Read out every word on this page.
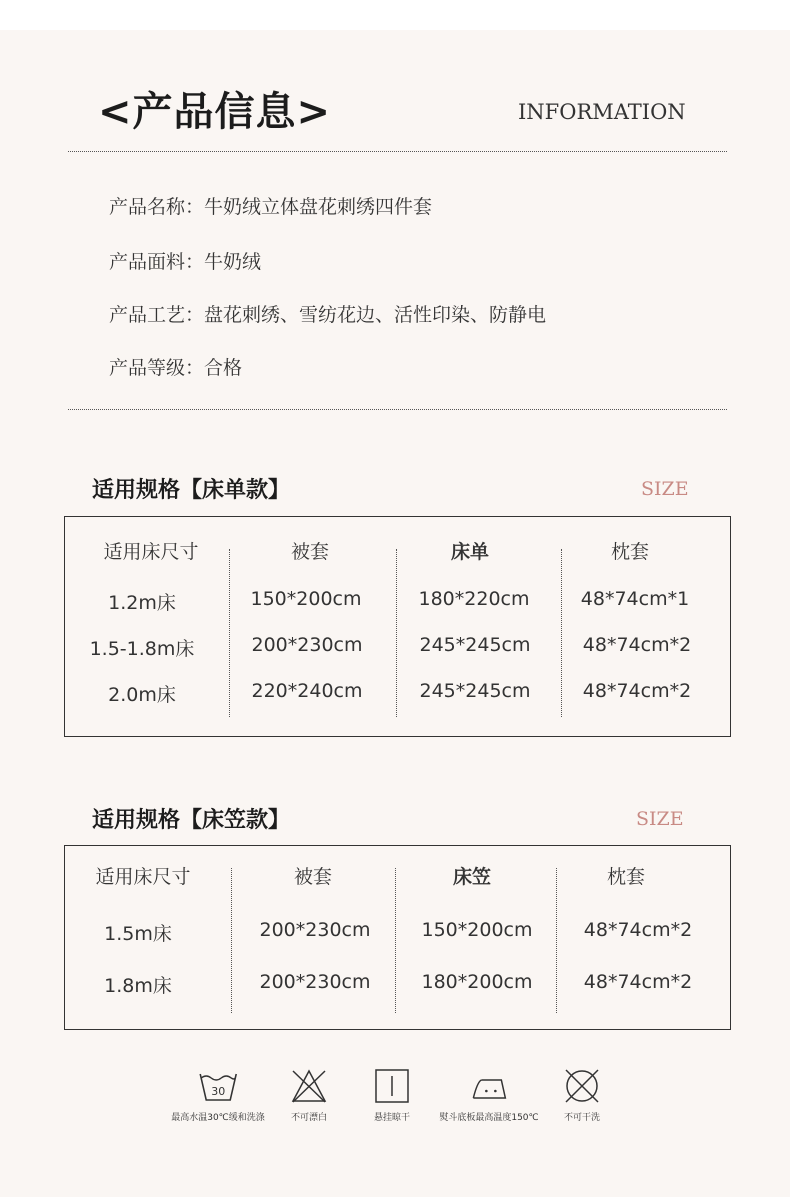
<产品信息>	INFORMATION
产品名称：牛奶绒立体盘花刺绣四件套
产品面料：牛奶绒
产品工艺：盘花刺绣、雪纺花边、活性印染、防静电
产品等级：合格
适用规格【床单款】	SIZE
适用床尺寸	被套	床单	枕套
1.2m床	150*200cm	180*220cm	48*74cm*1
1.5-1.8m床	200*230cm	245*245cm	48*74cm*2
2.0m床	220*240cm	245*245cm	48*74cm*2
适用规格【床笠款】	SIZE
适用床尺寸	被套	床笠	枕套
1.5m床	200*230cm	150*200cm	48*74cm*2
1.8m床	200*230cm	180*200cm	48*74cm*2
30
最高水温30℃缓和洗涤	不可漂白	悬挂晾干	熨斗底板最高温度150℃	不可干洗
